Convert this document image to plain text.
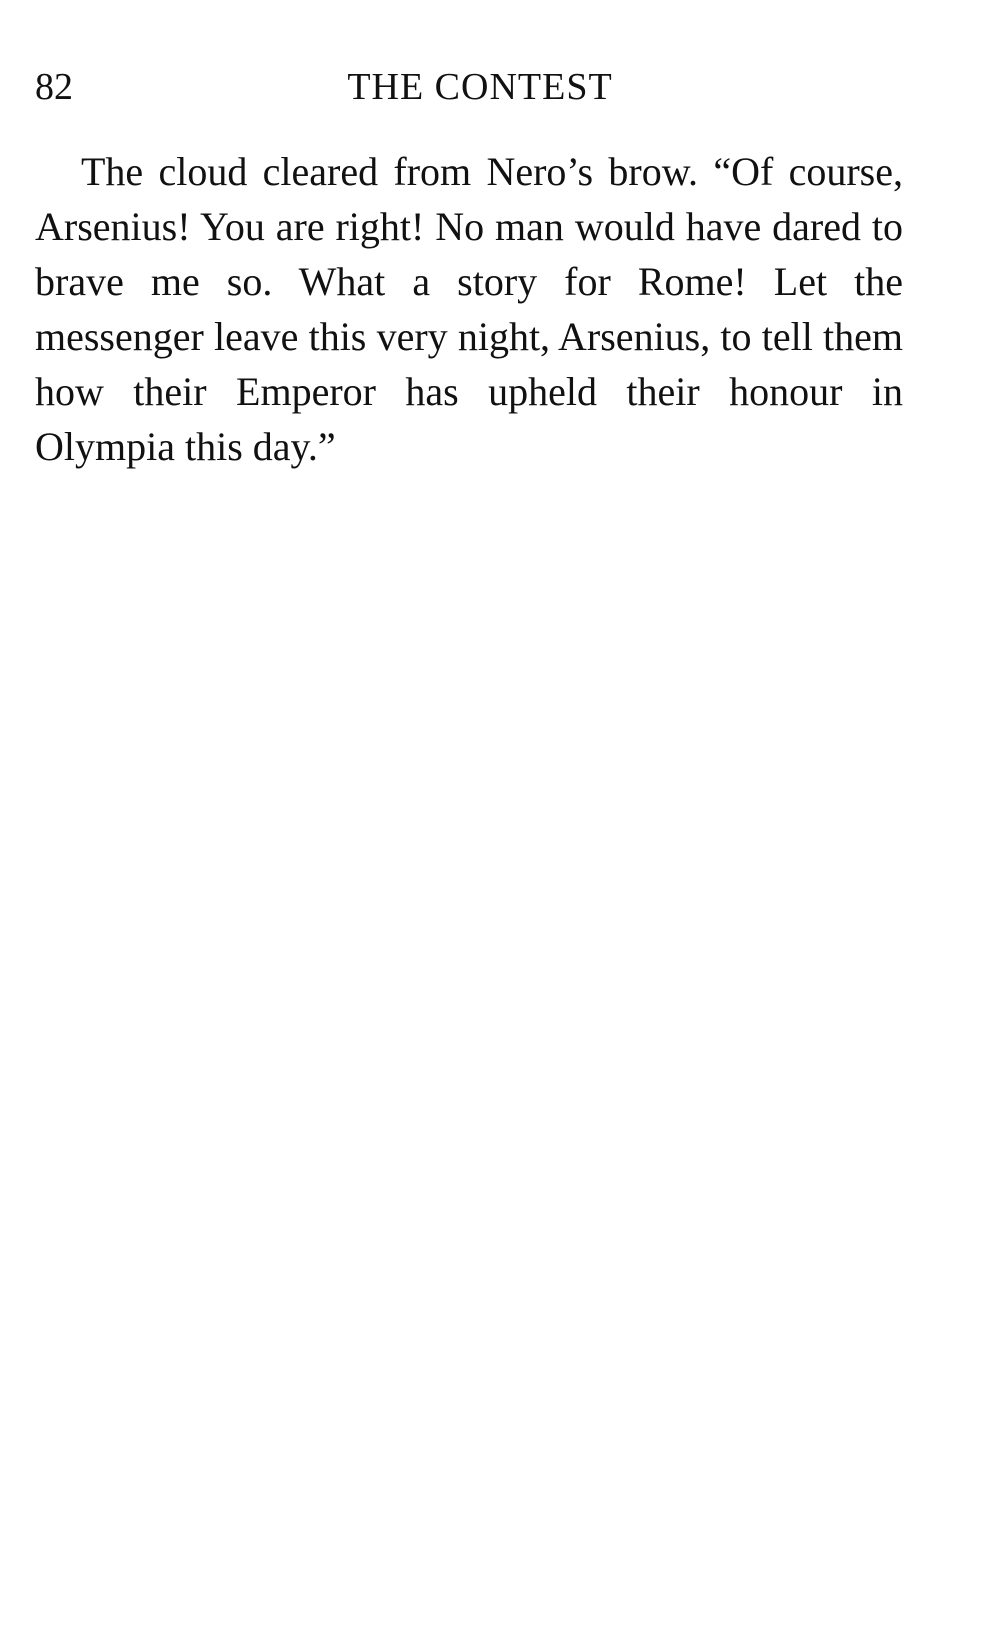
82	THE CONTEST

The cloud cleared from Nero’s brow. “Of course, Arsenius! You are right! No man would have dared to brave me so. What a story for Rome! Let the messenger leave this very night, Arsenius, to tell them how their Emperor has upheld their honour in Olympia this day.”
